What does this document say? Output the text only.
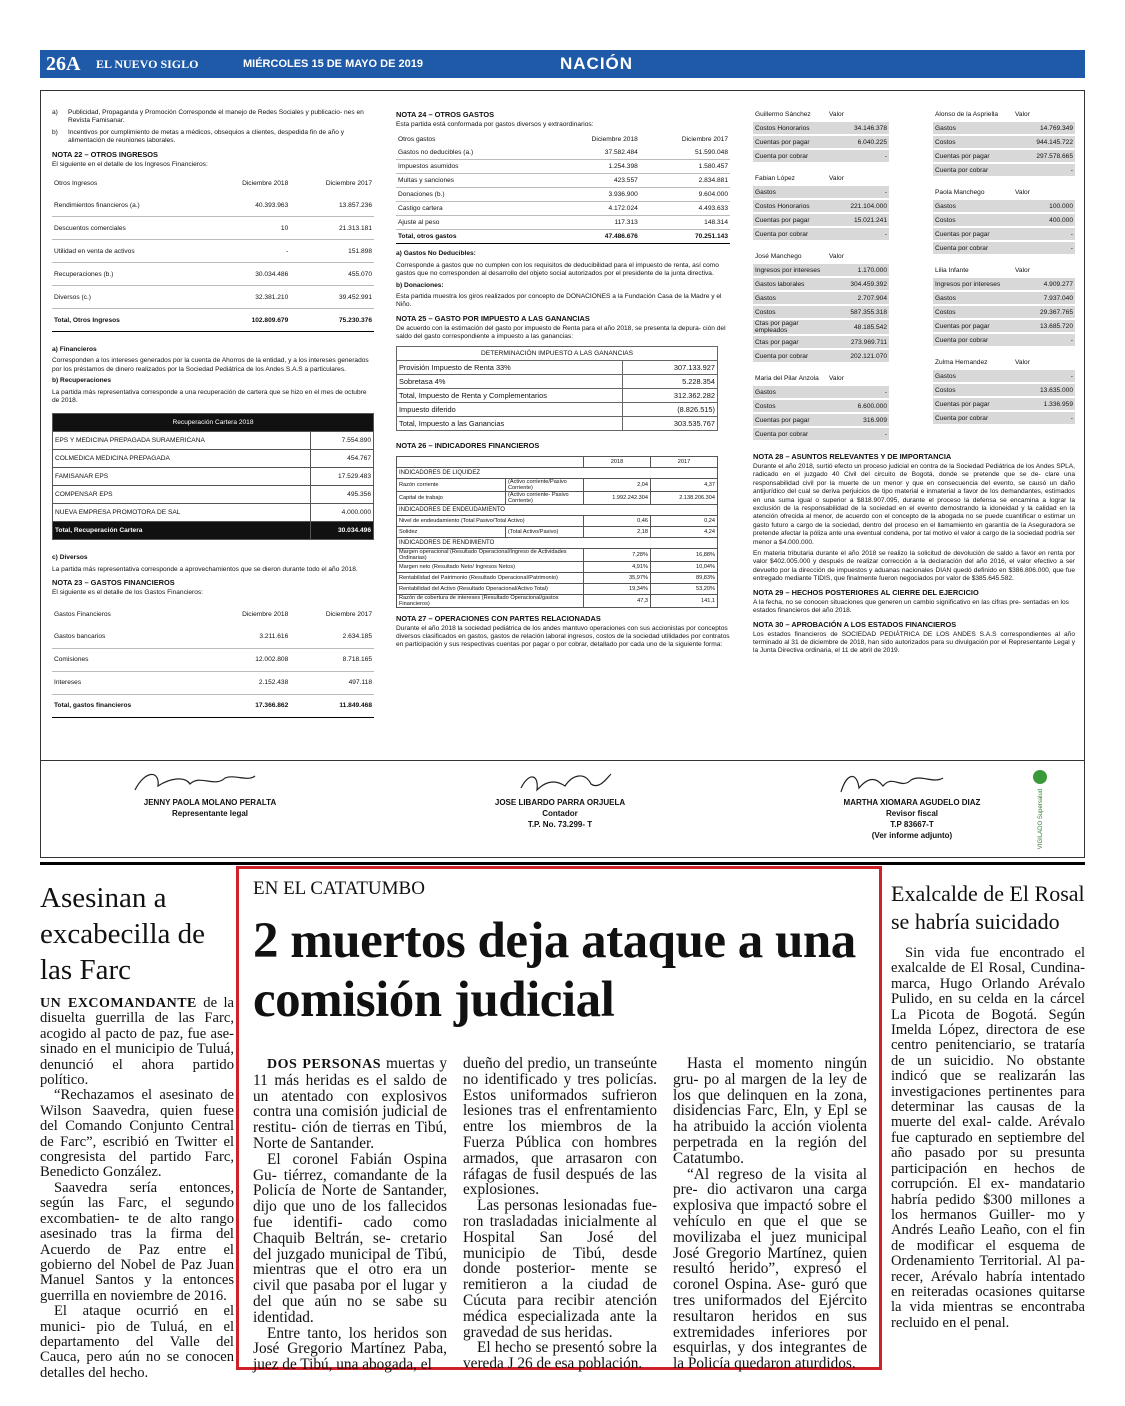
26A EL NUEVO SIGLO	MIÉRCOLES 15 DE MAYO DE 2019	NACIÓN
a)	Publicidad, Propaganda y Promoción Corresponde el manejo de Redes Sociales y publicacio- nes en Revista Famisanar.
b)	Incentivos por cumplimiento de metas a médicos, obsequios a clientes, despedida fin de año y alimentación de reuniones laborales.
NOTA 22 – OTROS INGRESOS
El siguiente en el detalle de los Ingresos Financieros:
Otros Ingresos	Diciembre 2018	Diciembre 2017
Rendimientos financieros (a.)	40.393.963	13.857.236
Descuentos comerciales	10	21.313.181
Utilidad en venta de activos	-	151.898
Recuperaciones (b.)	30.034.486	455.070
Diversos (c.)	32.381.210	39.452.991
Total, Otros Ingresos	102.809.679	75.230.376
a) Financieros
Corresponden a los intereses generados por la cuenta de Ahorros de la entidad, y a los intereses generados por los préstamos de dinero realizados por la Sociedad Pediátrica de los Andes S.A.S a particulares.
b) Recuperaciones
La partida más representativa corresponde a una recuperación de cartera que se hizo en el mes de octubre de 2018.
Recuperación Cartera 2018	
EPS Y MEDICINA PREPAGADA SURAMERICANA	7.554.890
COLMEDICA MEDICINA PREPAGADA	454.767
FAMISANAR EPS	17.529.483
COMPENSAR EPS	495.356
NUEVA EMPRESA PROMOTORA DE SAL	4.000.000
Total, Recuperación Cartera	30.034.496
c) Diversos
La partida más representativa corresponde a aprovechamientos que se dieron durante todo el año 2018.
NOTA 23 – GASTOS FINANCIEROS
El siguiente es el detalle de los Gastos Financieros:
Gastos Financieros	Diciembre 2018	Diciembre 2017
Gastos bancarios	3.211.616	2.634.185
Comisiones	12.002.808	8.718.165
Intereses	2.152.438	497.118
Total, gastos financieros	17.366.862	11.849.468
NOTA 24 – OTROS GASTOS
Esta partida está conformada por gastos diversos y extraordinarios:
Otros gastos	Diciembre 2018	Diciembre 2017
Gastos no deducibles (a.)	37.582.484	51.590.048
Impuestos asumidos	1.254.398	1.580.457
Multas y sanciones	423.557	2.834.881
Donaciones (b.)	3.936.900	9.604.000
Castigo cartera	4.172.024	4.493.633
Ajuste al peso	117.313	148.314
Total, otros gastos	47.486.676	70.251.143
a) Gastos No Deducibles:
Corresponde a gastos que no cumplen con los requisitos de deducibilidad para el impuesto de renta, así como gastos que no corresponden al desarrollo del objeto social autorizados por el presidente de la junta directiva.
b) Donaciones:
Esta partida muestra los giros realizados por concepto de DONACIONES a la Fundación Casa de la Madre y el Niño.
NOTA 25 – GASTO POR IMPUESTO A LAS GANANCIAS
De acuerdo con la estimación del gasto por impuesto de Renta para el año 2018, se presenta la depura- ción del saldo del gasto correspondiente a impuesto a las ganancias:
DETERMINACIÓN IMPUESTO A LAS GANANCIAS	
Provisión Impuesto de Renta 33%	307.133.927
Sobretasa 4%	5.228.354
Total, Impuesto de Renta y Complementarios	312.362.282
Impuesto diferido	(8.826.515)
Total, Impuesto a las Ganancias	303.535.767
NOTA 26 – INDICADORES FINANCIEROS
		2018	2017
INDICADORES DE LIQUIDEZ			
Razón corriente	(Activo corriente/Pasivo Corriente)	2,04	4,37
Capital de trabajo	(Activo corriente- Pasivo Corriente)	1.992.242.304	2.138.206.304
INDICADORES DE ENDEUDAMIENTO			
Nivel de endeudamiento (Total Pasivo/Total Activo)		0,46	0,24
Solidez	(Total Activo/Pasivo)	2,18	4,24
INDICADORES DE RENDIMIENTO			
Margen operacional (Resultado Operacional/Ingreso de Actividades Ordinarias)		7,28%	16,88%
Margen neto (Resultado Neto/ Ingresos Netos)		4,91%	10,04%
Rentabilidad del Patrimonio (Resultado Operacional/Patrimonio)		35,97%	89,83%
Rentabilidad del Activo (Resultado Operacional/Activo Total)		19,34%	53,20%
Razón de cobertura de intereses (Resultado Operacional/gastos Financieros)		47,3	141,1
NOTA 27 – OPERACIONES CON PARTES RELACIONADAS
Durante el año 2018 la sociedad pediátrica de los andes mantuvo operaciones con sus accionistas por conceptos diversos clasificados en gastos, gastos de relación laboral ingresos, costos de la sociedad utilidades por contratos en participación y sus respectivas cuentas por pagar o por cobrar, detallado por cada uno de la siguiente forma:
Guillermo Sánchez	Valor
Costos Honorarios	34.146.378
Cuentas por pagar	6.040.225
Cuenta por cobrar	-
Fabian López	Valor
Gastos	-
Costos Honorarios	221.104.000
Cuentas por pagar	15.021.241
Cuenta por cobrar	-
José Manchego	Valor
Ingresos por intereses	1.170.000
Gastos laborales	304.459.392
Gastos	2.707.904
Costos	587.355.318
Ctas por pagar empleados	48.185.542
Ctas por pagar	273.969.711
Cuenta por cobrar	202.121.070
Maria del Pilar Anzola	Valor
Gastos	-
Costos	6.600.000
Cuentas por pagar	316.909
Cuenta por cobrar	-
Alonso de la Aspriella	Valor
Gastos	14.769.349
Costos	944.145.722
Cuentas por pagar	297.578.665
Cuenta por cobrar	-
Paola Manchego	Valor
Gastos	100.000
Costos	400.000
Cuentas por pagar	-
Cuenta por cobrar	-
Lilia Infante	Valor
Ingresos por intereses	4.909.277
Gastos	7.937.040
Costos	29.367.765
Cuentas por pagar	13.685.720
Cuenta por cobrar	-
Zulma Hernandez	Valor
Gastos	-
Costos	13.635.000
Cuentas por pagar	1.336.959
Cuenta por cobrar	-
NOTA 28 – ASUNTOS RELEVANTES Y DE IMPORTANCIA
Durante el año 2018, surtió efecto un proceso judicial en contra de la Sociedad Pediátrica de los Andes SPLA, radicado en el juzgado 40 Civil del circuito de Bogotá, donde se pretende que se de- clare una responsabilidad civil por la muerte de un menor y que en consecuencia del evento, se causó un daño antijurídico del cual se deriva perjuicios de tipo material e inmaterial a favor de los demandantes, estimados en una suma igual o superior a $818.907.095, durante el proceso la defensa se encamina a lograr la exclusión de la responsabilidad de la sociedad en el evento demostrando la idoneidad y la calidad en la atención ofrecida al menor, de acuerdo con el concepto de la abogada no se puede cuantificar o estimar un gasto futuro a cargo de la sociedad, dentro del proceso en el llamamiento en garantía de la Aseguradora se pretende afectar la póliza ante una eventual condena, por tal motivo el valor a cargo de la sociedad podría ser menor a $4.000.000.
En materia tributaria durante el año 2018 se realizo la solicitud de devolución de saldo a favor en renta por valor $402.005.000 y después de realizar corrección a la declaración del año 2016, el valor efectivo a ser devuelto por la dirección de impuestos y aduanas nacionales DIAN quedó definido en $386.806.000, que fue entregado mediante TIDIS, que finalmente fueron negociados por valor de $385.645.582.
NOTA 29 – HECHOS POSTERIORES AL CIERRE DEL EJERCICIO
A la fecha, no se conocen situaciones que generen un cambio significativo en las cifras pre- sentadas en los estados financieros del año 2018.
NOTA 30 – APROBACIÓN A LOS ESTADOS FINANCIEROS
Los estados financieros de SOCIEDAD PEDIÁTRICA DE LOS ANDES S.A.S correspondientes al año terminado al 31 de diciembre de 2018, han sido autorizados para su divulgación por el Representante Legal y la Junta Directiva ordinaria, el 11 de abril de 2019.
JENNY PAOLA MOLANO PERALTA
Representante legal
JOSE LIBARDO PARRA ORJUELA
Contador
T.P. No. 73.299- T
MARTHA XIOMARA AGUDELO DIAZ
Revisor fiscal
T.P 83667-T
(Ver informe adjunto)	VIGILADO Supersalud
Asesinan a excabecilla de las Farc

UN EXCOMANDANTE de la disuelta guerrilla de las Farc, acogido al pacto de paz, fue ase- sinado en el municipio de Tuluá, denunció el ahora partido político.

“Rechazamos el asesinato de Wilson Saavedra, quien fuese del Comando Conjunto Central de Farc”, escribió en Twitter el congresista del partido Farc, Benedicto González.

Saavedra sería entonces, según las Farc, el segundo excombatien- te de alto rango asesinado tras la firma del Acuerdo de Paz entre el gobierno del Nobel de Paz Juan Manuel Santos y la entonces guerrilla en noviembre de 2016.

El ataque ocurrió en el munici- pio de Tuluá, en el departamento del Valle del Cauca, pero aún no se conocen detalles del hecho.

EN EL CATATUMBO
2 muertos deja ataque a una comisión judicial

DOS PERSONAS muertas y 11 más heridas es el saldo de un atentado con explosivos contra una comisión judicial de restitu- ción de tierras en Tibú, Norte de Santander.

El coronel Fabián Ospina Gu- tiérrez, comandante de la Policía de Norte de Santander, dijo que uno de los fallecidos fue identifi- cado como Chaquib Beltrán, se- cretario del juzgado municipal de Tibú, mientras que el otro era un civil que pasaba por el lugar y del que aún no se sabe su identidad.

Entre tanto, los heridos son José Gregorio Martínez Paba, juez de Tibú, una abogada, el

dueño del predio, un transeúnte no identificado y tres policías. Estos uniformados sufrieron lesiones tras el enfrentamiento entre los miembros de la Fuerza Pública con hombres armados, que arrasaron con ráfagas de fusil después de las explosiones.

Las personas lesionadas fue- ron trasladadas inicialmente al Hospital San José del municipio de Tibú, desde donde posterior- mente se remitieron a la ciudad de Cúcuta para recibir atención médica especializada ante la gravedad de sus heridas.

El hecho se presentó sobre la vereda J 26 de esa población.

Hasta el momento ningún gru- po al margen de la ley de los que delinquen en la zona, disidencias Farc, Eln, y Epl se ha atribuido la acción violenta perpetrada en la región del Catatumbo.

“Al regreso de la visita al pre- dio activaron una carga explosiva que impactó sobre el vehículo en que el que se movilizaba el juez municipal José Gregorio Martínez, quien resultó herido”, expresó el coronel Ospina. Ase- guró que tres uniformados del Ejército resultaron heridos en sus extremidades inferiores por esquirlas, y dos integrantes de la Policía quedaron aturdidos.

Exalcalde de El Rosal se habría suicidado

Sin vida fue encontrado el exalcalde de El Rosal, Cundina- marca, Hugo Orlando Arévalo Pulido, en su celda en la cárcel La Picota de Bogotá. Según Imelda López, directora de ese centro penitenciario, se trataría de un suicidio. No obstante indicó que se realizarán las investigaciones pertinentes para determinar las causas de la muerte del exal- calde. Arévalo fue capturado en septiembre del año pasado por su presunta participación en hechos de corrupción. El ex- mandatario habría pedido $300 millones a los hermanos Guiller- mo y Andrés Leaño Leaño, con el fin de modificar el esquema de Ordenamiento Territorial. Al pa- recer, Arévalo habría intentado en reiteradas ocasiones quitarse la vida mientras se encontraba recluido en el penal.
